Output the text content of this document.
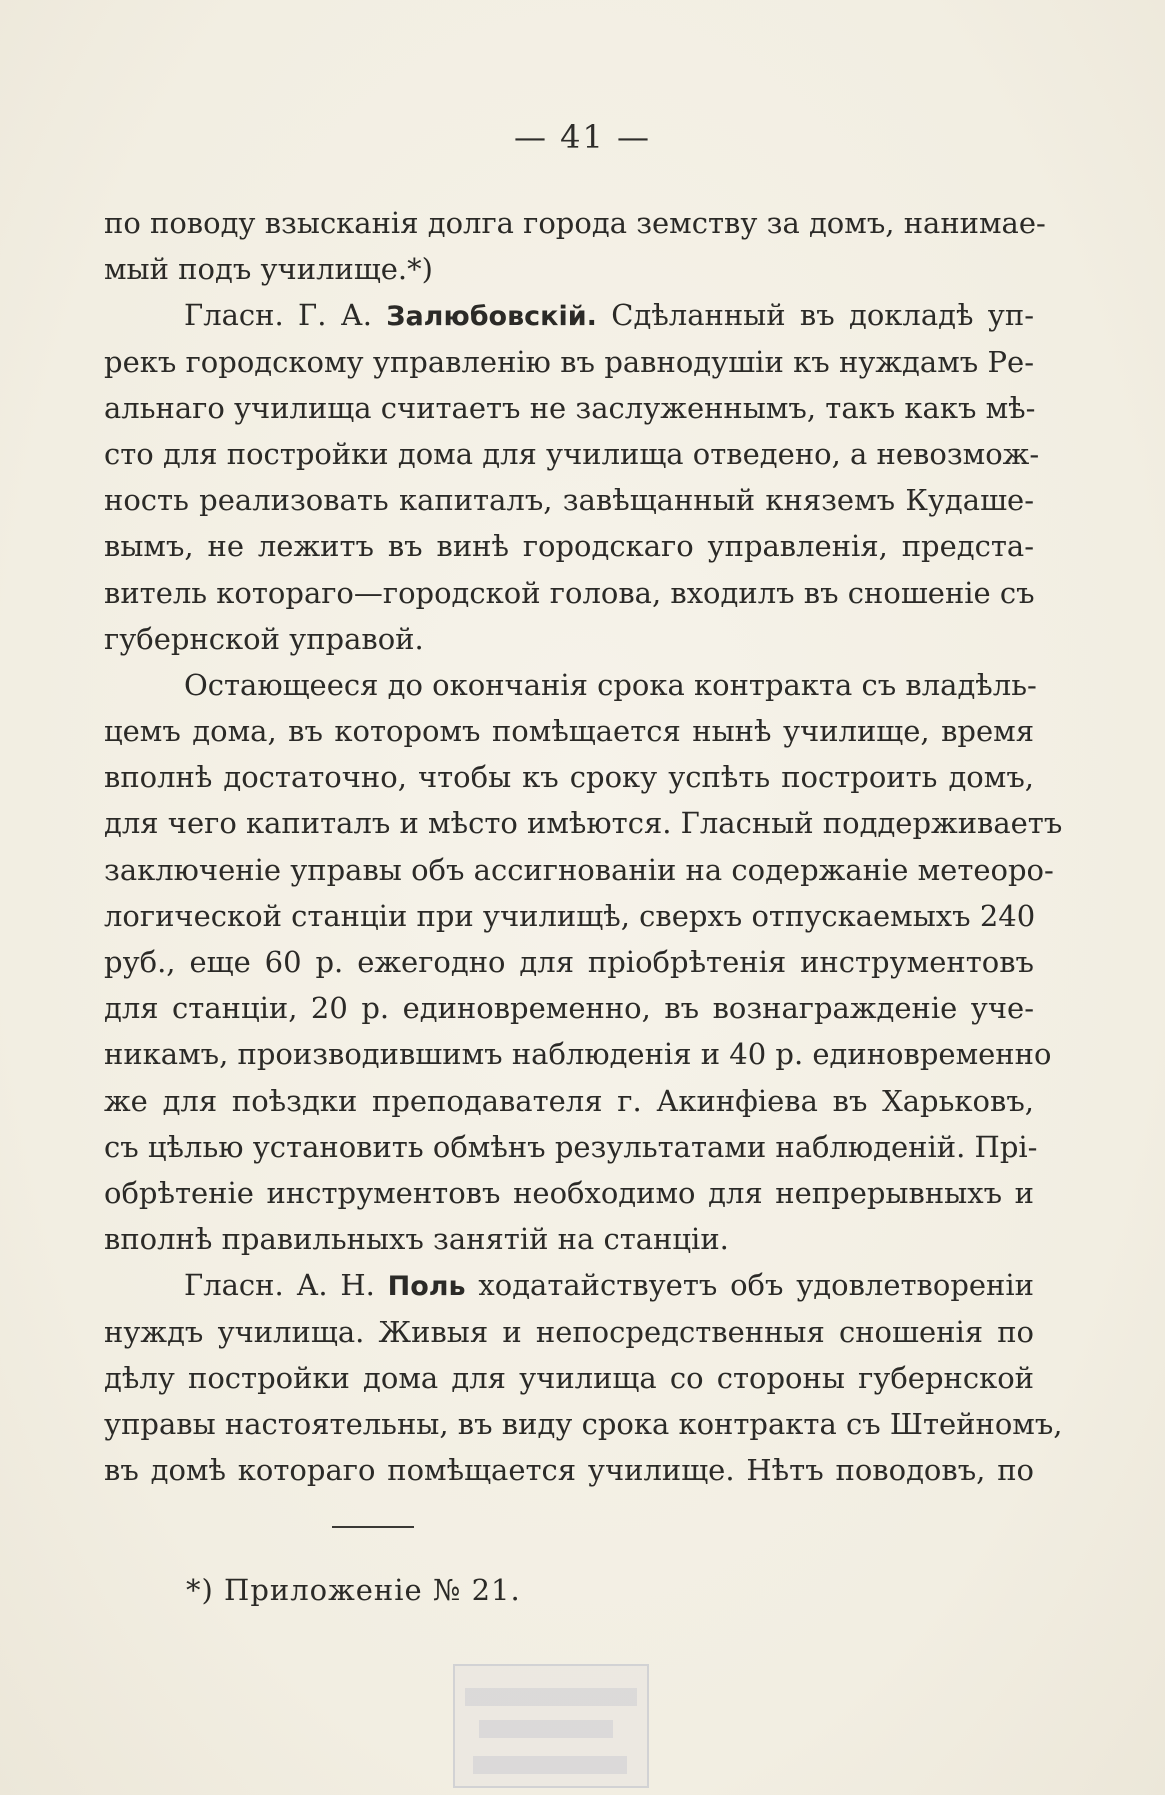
— 41 —
по поводу взысканія долга города земству за домъ, нанимае-
мый подъ училище.*)
Гласн. Г. А. Залюбовскій. Сдѣланный въ докладѣ уп-
рекъ городскому управленію въ равнодушіи къ нуждамъ Ре-
альнаго училища считаетъ не заслуженнымъ, такъ какъ мѣ-
сто для постройки дома для училища отведено, а невозмож-
ность реализовать капиталъ, завѣщанный княземъ Кудаше-
вымъ, не лежитъ въ винѣ городскаго управленія, предста-
витель котораго—городской голова, входилъ въ сношеніе съ
губернской управой.
Остающееся до окончанія срока контракта съ владѣль-
цемъ дома, въ которомъ помѣщается нынѣ училище, время
вполнѣ достаточно, чтобы къ сроку успѣть построить домъ,
для чего капиталъ и мѣсто имѣются. Гласный поддерживаетъ
заключеніе управы объ ассигнованіи на содержаніе метеоро-
логической станціи при училищѣ, сверхъ отпускаемыхъ 240
руб., еще 60 р. ежегодно для пріобрѣтенія инструментовъ
для станціи, 20 р. единовременно, въ вознагражденіе уче-
никамъ, производившимъ наблюденія и 40 р. единовременно
же для поѣздки преподавателя г. Акинфіева въ Харьковъ,
съ цѣлью установить обмѣнъ результатами наблюденій. Прі-
обрѣтеніе инструментовъ необходимо для непрерывныхъ и
вполнѣ правильныхъ занятій на станціи.
Гласн. А. Н. Поль ходатайствуетъ объ удовлетвореніи
нуждъ училища. Живыя и непосредственныя сношенія по
дѣлу постройки дома для училища со стороны губернской
управы настоятельны, въ виду срока контракта съ Штейномъ,
въ домѣ котораго помѣщается училище. Нѣтъ поводовъ, по
*) Приложеніе № 21.
